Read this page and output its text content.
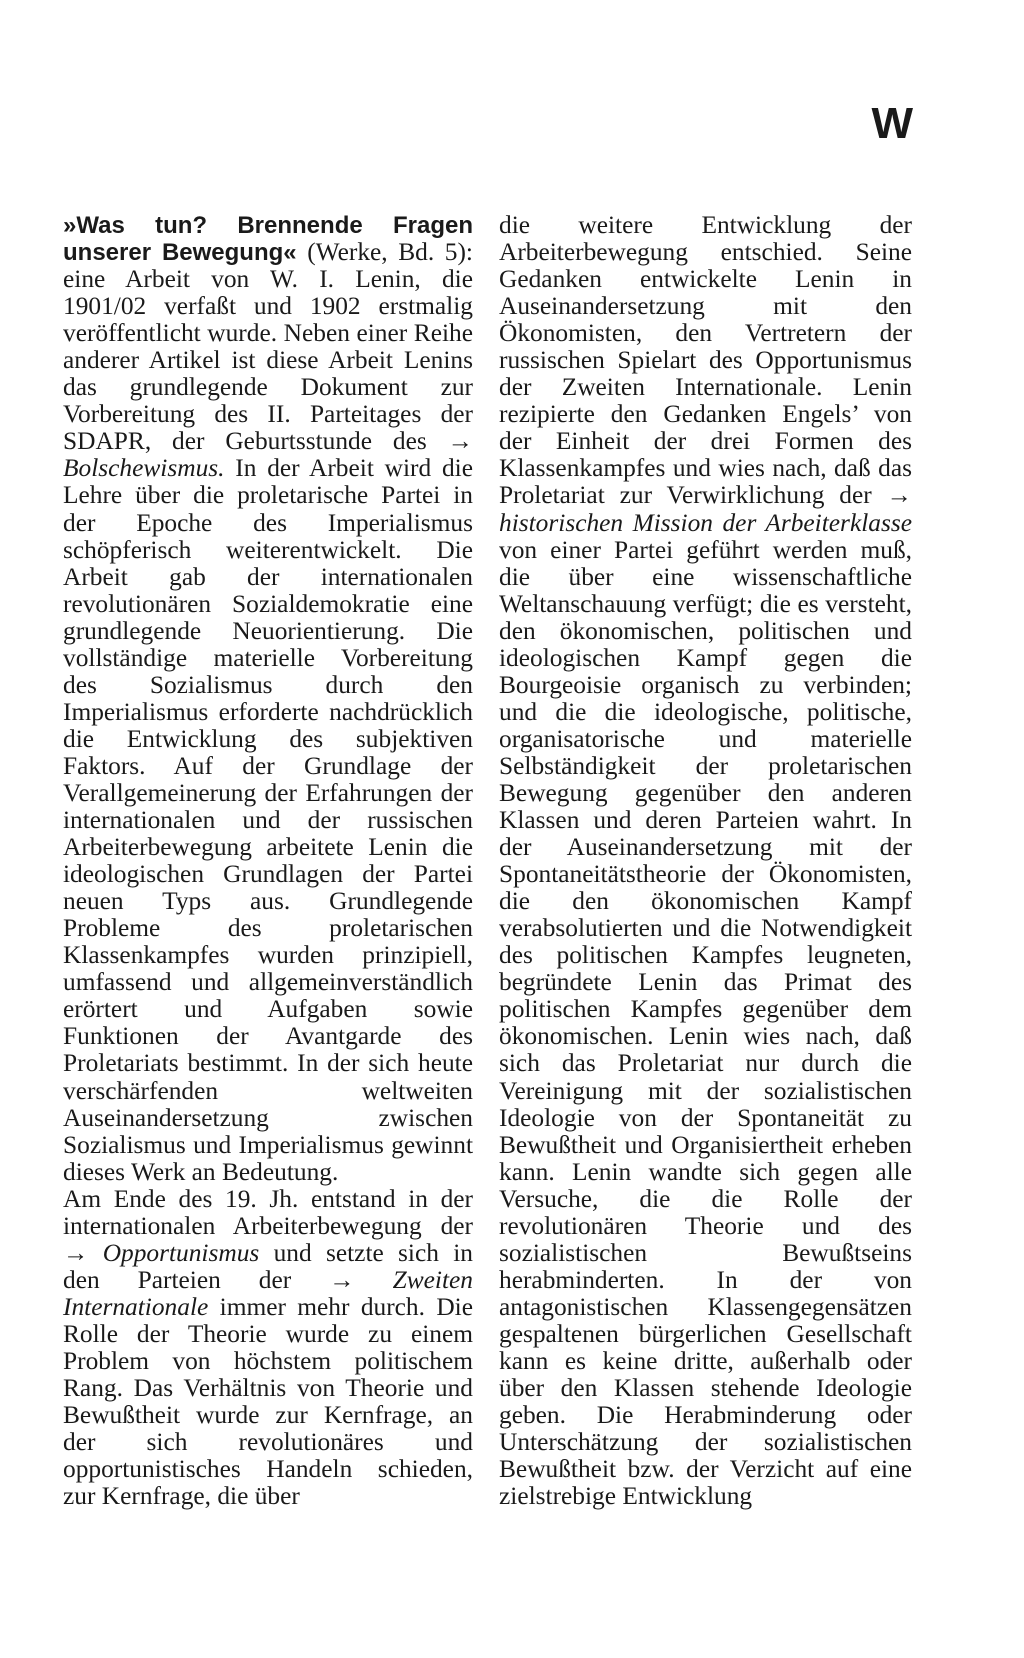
W

»Was tun? Brennende Fragen unserer Bewegung« (Werke, Bd. 5): eine Arbeit von W. I. Lenin, die 1901/02 verfaßt und 1902 erstmalig veröffentlicht wurde. Neben einer Reihe anderer Artikel ist diese Arbeit Lenins das grundlegende Dokument zur Vorbereitung des II. Parteitages der SDAPR, der Geburtsstunde des → Bolschewismus. In der Arbeit wird die Lehre über die proletarische Partei in der Epoche des Imperialismus schöpferisch weiterentwickelt. Die Arbeit gab der internationalen revolutionären Sozialdemokratie eine grundlegende Neuorientierung. Die vollständige materielle Vorbereitung des Sozialismus durch den Imperialismus erforderte nachdrücklich die Entwicklung des subjektiven Faktors. Auf der Grundlage der Verallgemeinerung der Erfahrungen der internationalen und der russischen Arbeiterbewegung arbeitete Lenin die ideologischen Grundlagen der Partei neuen Typs aus. Grundlegende Probleme des proletarischen Klassenkampfes wurden prinzipiell, umfassend und allgemeinverständlich erörtert und Aufgaben sowie Funktionen der Avantgarde des Proletariats bestimmt. In der sich heute verschärfenden weltweiten Auseinandersetzung zwischen Sozialismus und Imperialismus gewinnt dieses Werk an Bedeutung.

Am Ende des 19. Jh. entstand in der internationalen Arbeiterbewegung der → Opportunismus und setzte sich in den Parteien der → Zweiten Internationale immer mehr durch. Die Rolle der Theorie wurde zu einem Problem von höchstem politischem Rang. Das Verhältnis von Theorie und Bewußtheit wurde zur Kernfrage, an der sich revolutionäres und opportunistisches Handeln schieden, zur Kernfrage, die über

die weitere Entwicklung der Arbeiterbewegung entschied. Seine Gedanken entwickelte Lenin in Auseinandersetzung mit den Ökonomisten, den Vertretern der russischen Spielart des Opportunismus der Zweiten Internationale. Lenin rezipierte den Gedanken Engels’ von der Einheit der drei Formen des Klassenkampfes und wies nach, daß das Proletariat zur Verwirklichung der → historischen Mission der Arbeiterklasse von einer Partei geführt werden muß, die über eine wissenschaftliche Weltanschauung verfügt; die es versteht, den ökonomischen, politischen und ideologischen Kampf gegen die Bourgeoisie organisch zu verbinden; und die die ideologische, politische, organisatorische und materielle Selbständigkeit der proletarischen Bewegung gegenüber den anderen Klassen und deren Parteien wahrt. In der Auseinandersetzung mit der Spontaneitätstheorie der Ökonomisten, die den ökonomischen Kampf verabsolutierten und die Notwendigkeit des politischen Kampfes leugneten, begründete Lenin das Primat des politischen Kampfes gegenüber dem ökonomischen. Lenin wies nach, daß sich das Proletariat nur durch die Vereinigung mit der sozialistischen Ideologie von der Spontaneität zu Bewußtheit und Organisiertheit erheben kann. Lenin wandte sich gegen alle Versuche, die die Rolle der revolutionären Theorie und des sozialistischen Bewußtseins herabminderten. In der von antagonistischen Klassengegensätzen gespaltenen bürgerlichen Gesellschaft kann es keine dritte, außerhalb oder über den Klassen stehende Ideologie geben. Die Herabminderung oder Unterschätzung der sozialistischen Bewußtheit bzw. der Verzicht auf eine zielstrebige Entwicklung
